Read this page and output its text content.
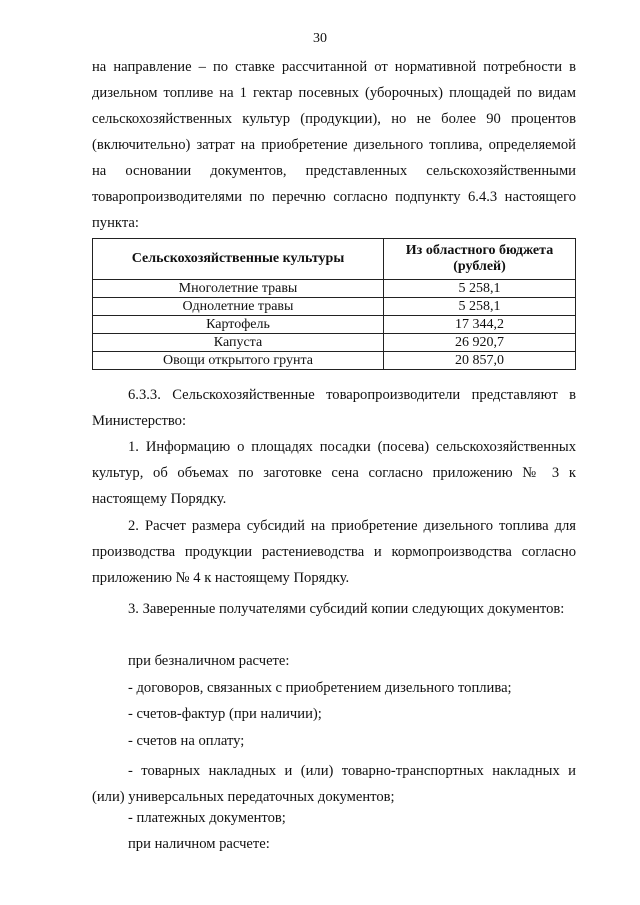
30
на направление – по ставке рассчитанной от нормативной потребности в дизельном топливе на 1 гектар посевных (уборочных) площадей по видам сельскохозяйственных культур (продукции), но не более 90 процентов (включительно) затрат на приобретение дизельного топлива, определяемой на основании документов, представленных сельскохозяйственными товаропроизводителями по перечню согласно подпункту 6.4.3 настоящего пункта:
Сельскохозяйственные культуры	Из областного бюджета (рублей)
Многолетние травы	5 258,1
Однолетние травы	5 258,1
Картофель	17 344,2
Капуста	26 920,7
Овощи открытого грунта	20 857,0
6.3.3. Сельскохозяйственные товаропроизводители представляют в Министерство:
1. Информацию о площадях посадки (посева) сельскохозяйственных культур, об объемах по заготовке сена согласно приложению № 3 к настоящему Порядку.
2. Расчет размера субсидий на приобретение дизельного топлива для производства продукции растениеводства и кормопроизводства согласно приложению № 4 к настоящему Порядку.
3. Заверенные получателями субсидий копии следующих документов:
при безналичном расчете:
- договоров, связанных с приобретением дизельного топлива;
- счетов-фактур (при наличии);
- счетов на оплату;
- товарных накладных и (или) товарно-транспортных накладных и (или) универсальных передаточных документов;
- платежных документов;
при наличном расчете:
